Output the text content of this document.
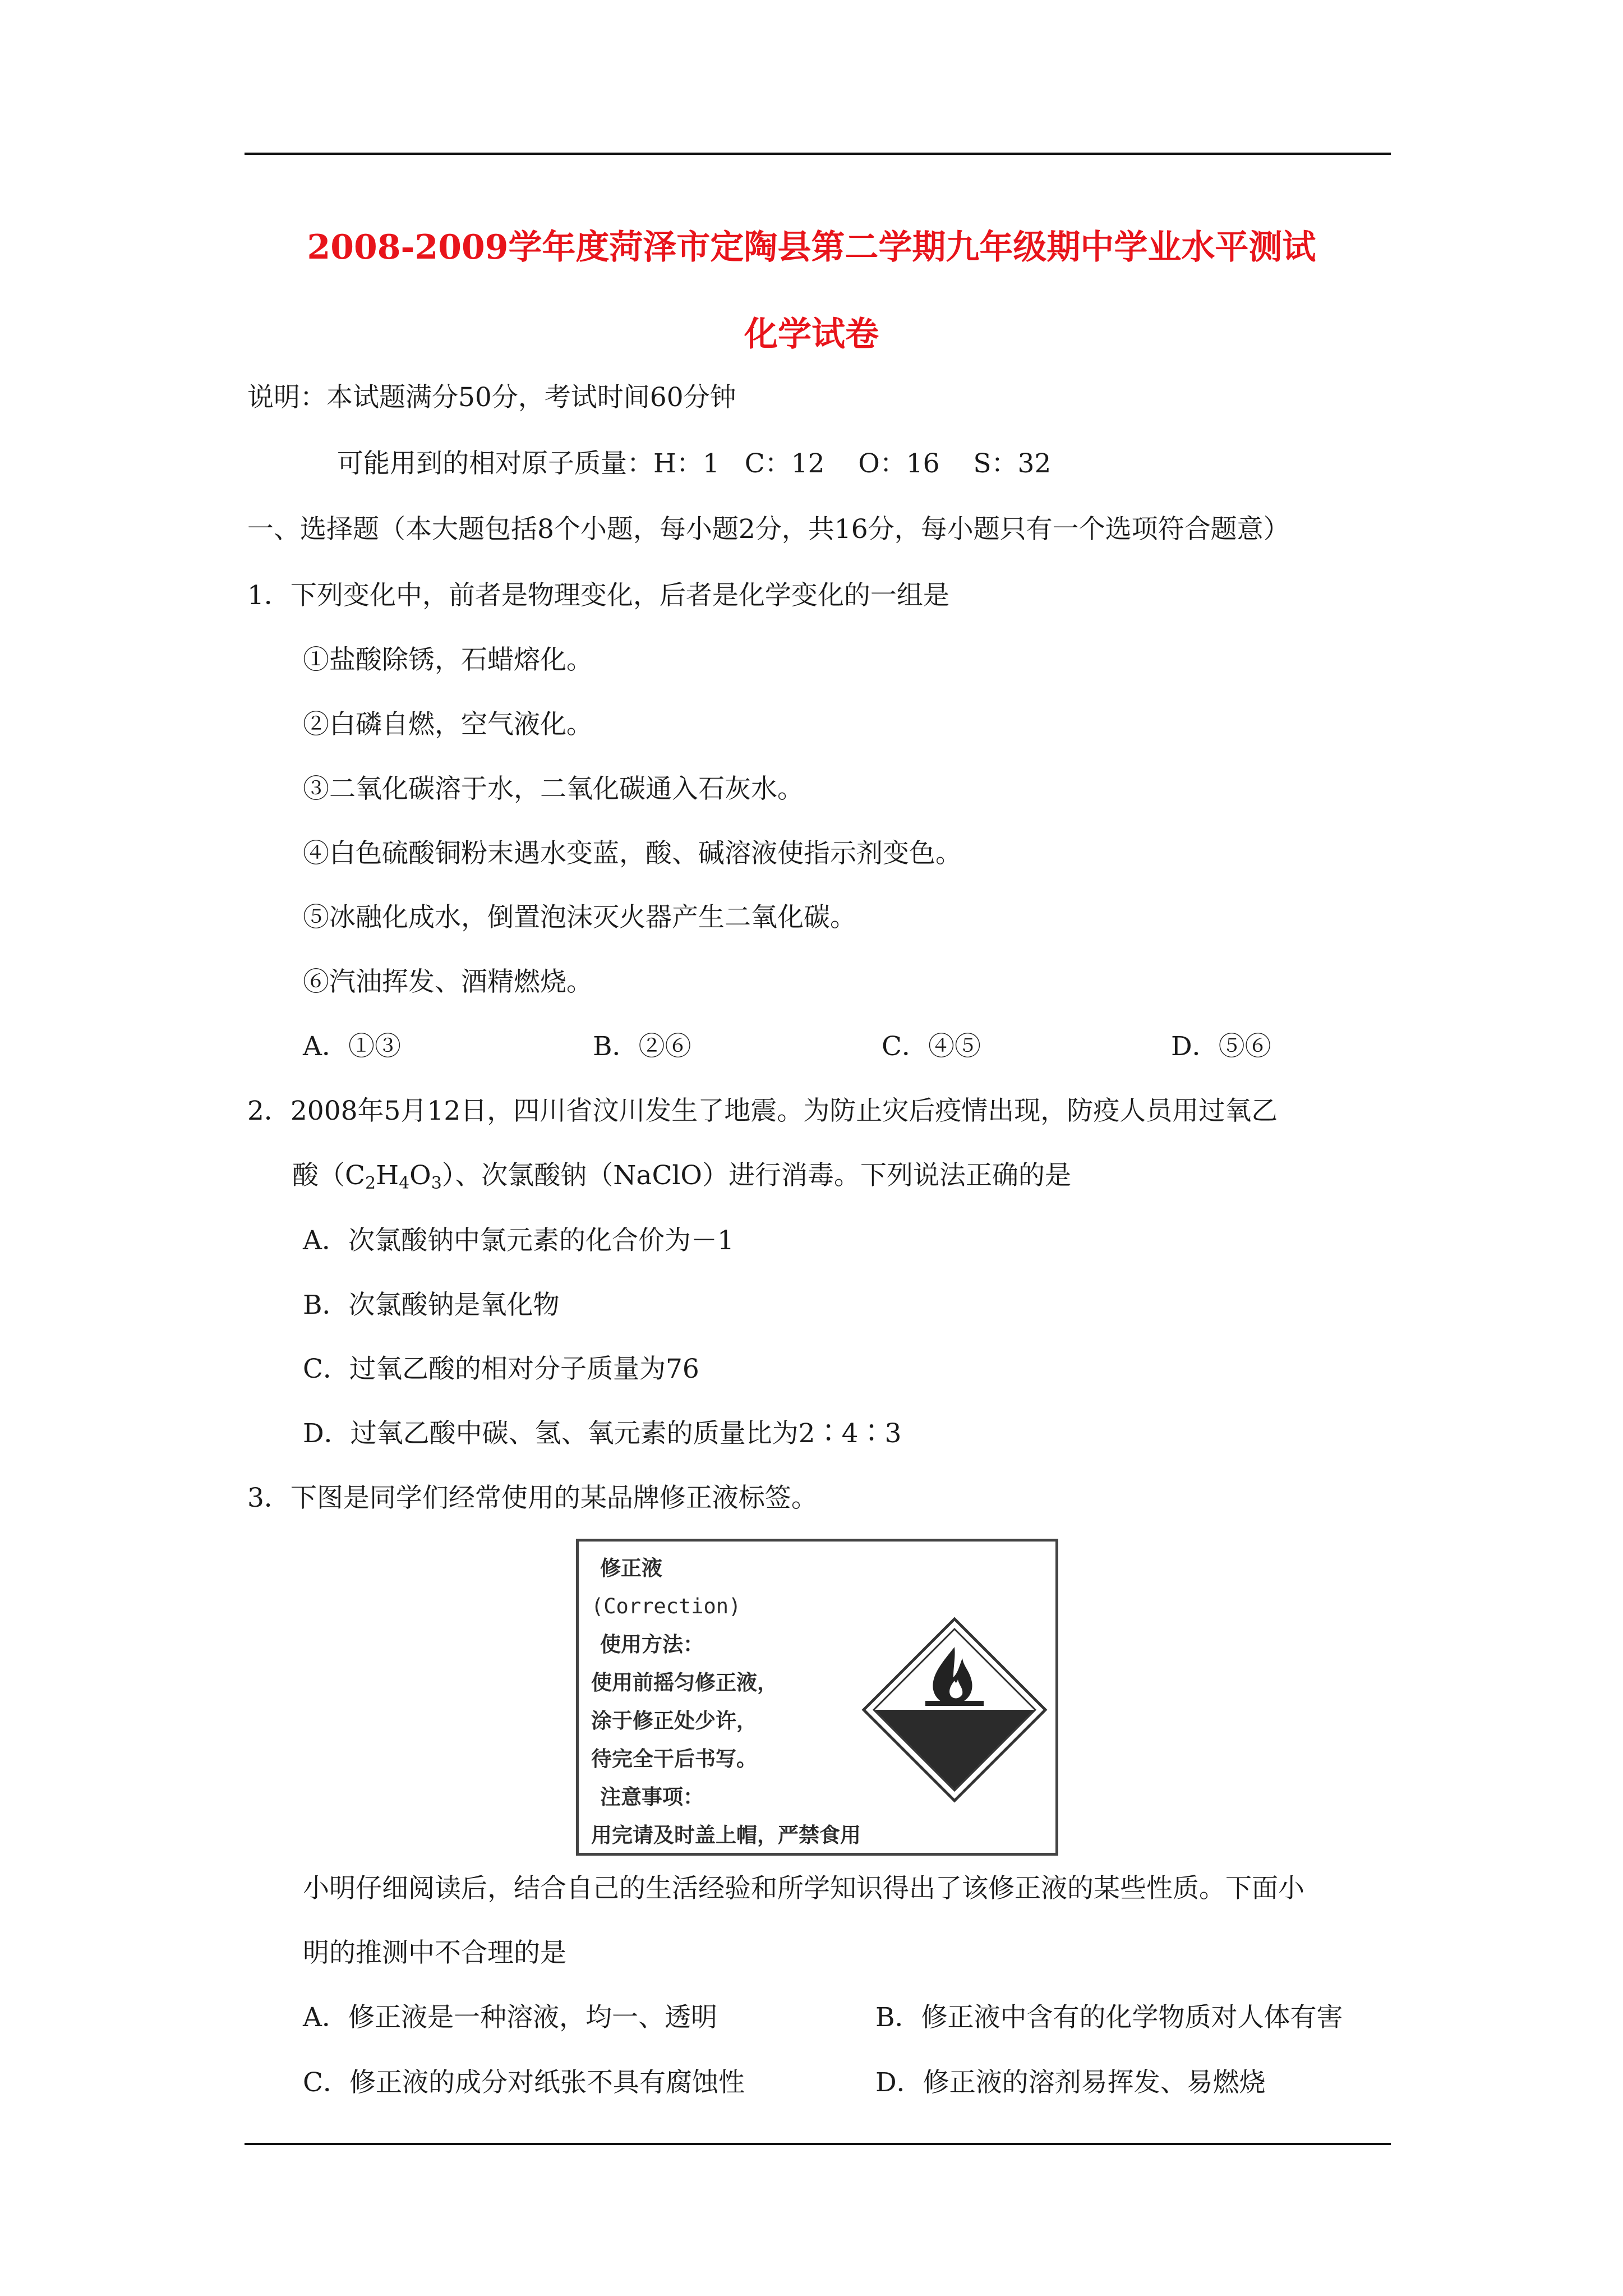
2008-2009学年度菏泽市定陶县第二学期九年级期中学业水平测试
化学试卷
说明：本试题满分50分，考试时间60分钟
可能用到的相对原子质量：H：1   C：12    O：16    S：32
一、选择题（本大题包括8个小题，每小题2分，共16分，每小题只有一个选项符合题意）
1．下列变化中，前者是物理变化，后者是化学变化的一组是
①盐酸除锈，石蜡熔化。
②白磷自燃，空气液化。
③二氧化碳溶于水，二氧化碳通入石灰水。
④白色硫酸铜粉末遇水变蓝，酸、碱溶液使指示剂变色。
⑤冰融化成水，倒置泡沫灭火器产生二氧化碳。
⑥汽油挥发、酒精燃烧。
A．①③	B．②⑥	C．④⑤	D．⑤⑥
2．2008年5月12日，四川省汶川发生了地震。为防止灾后疫情出现，防疫人员用过氧乙
酸$(C_2H_4O_3)$、次氯酸钠（NaClO）进行消毒。下列说法正确的是
A．次氯酸钠中氯元素的化合价为－1
B．次氯酸钠是氧化物
C．过氧乙酸的相对分子质量为76
D．过氧乙酸中碳、氢、氧元素的质量比为2∶4∶3
3．下图是同学们经常使用的某品牌修正液标签。
修正液
(Correction)
使用方法：
使用前摇匀修正液，
涂于修正处少许，
待完全干后书写。
注意事项：
用完请及时盖上帽，严禁食用
小明仔细阅读后，结合自己的生活经验和所学知识得出了该修正液的某些性质。下面小
明的推测中不合理的是
A．修正液是一种溶液，均一、透明	B．修正液中含有的化学物质对人体有害
C．修正液的成分对纸张不具有腐蚀性	D．修正液的溶剂易挥发、易燃烧
